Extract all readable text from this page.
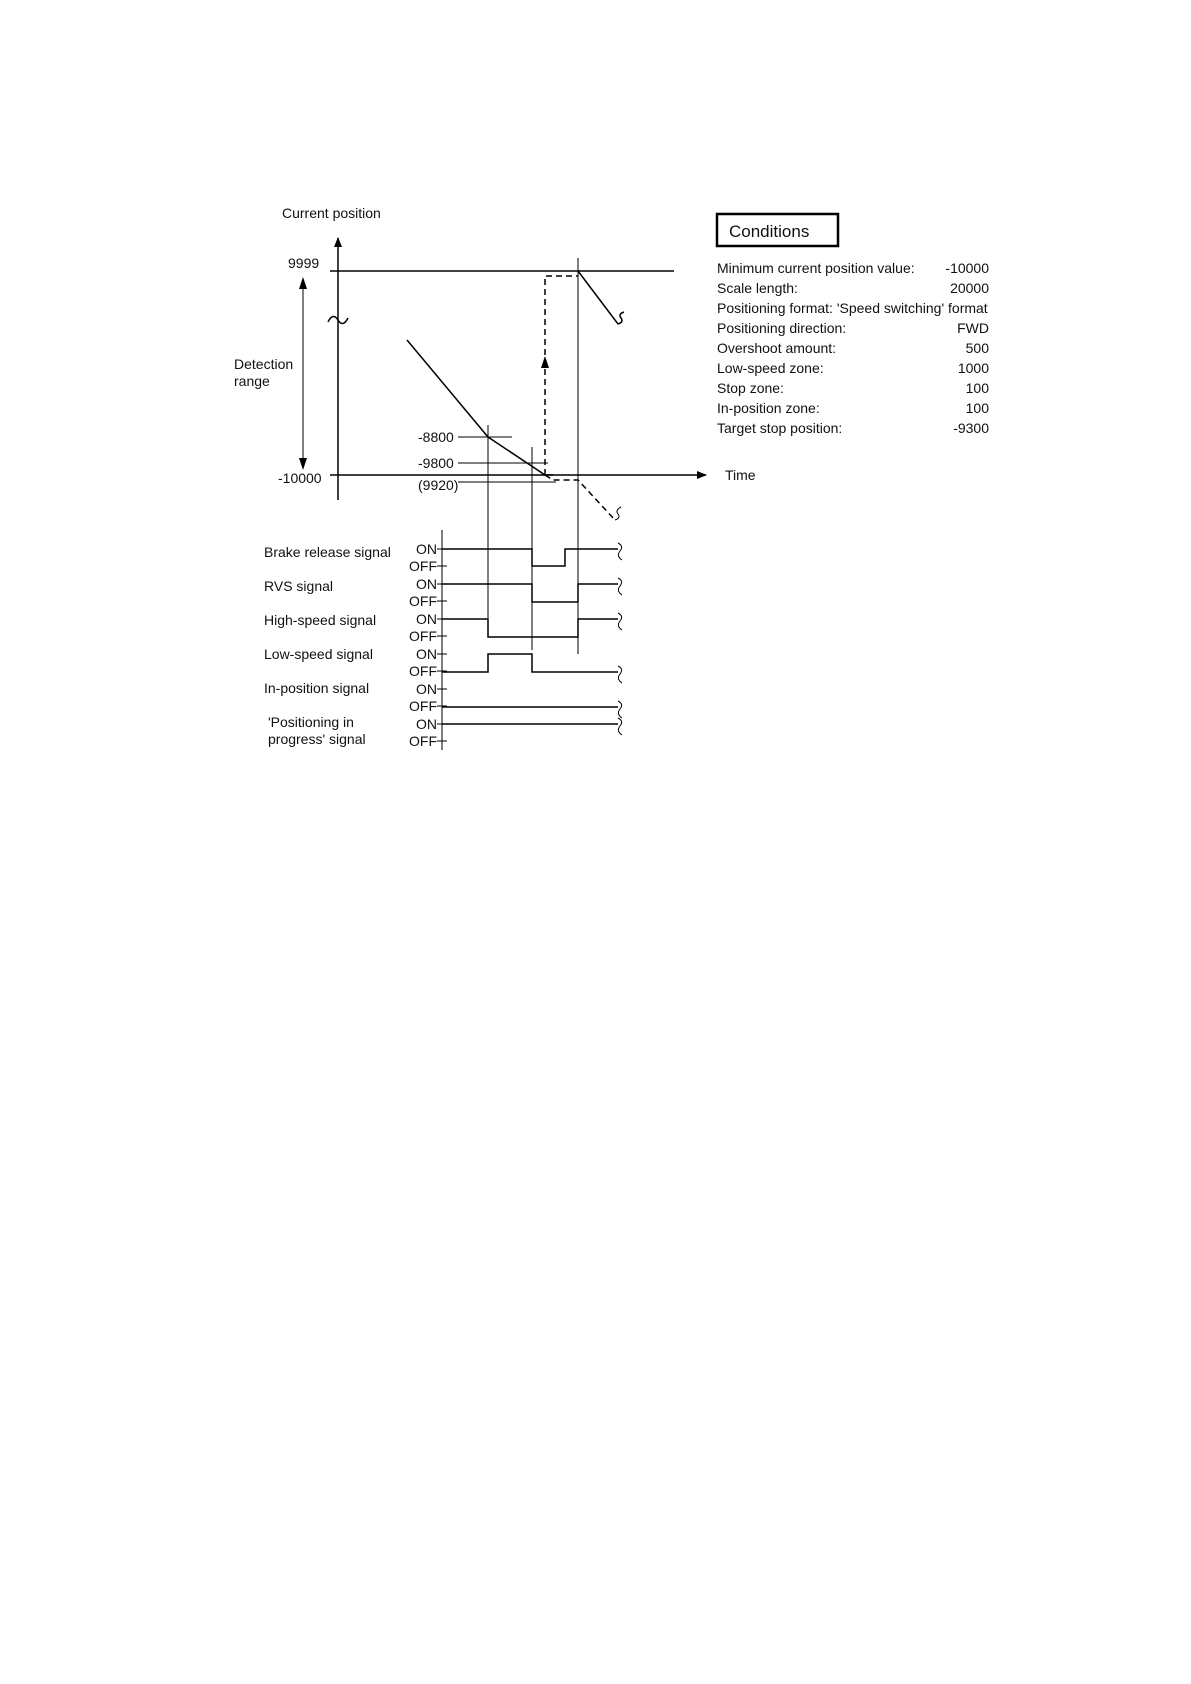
Current position
Time
9999
-10000
Detection
range
-8800
-9800
(9920)
Conditions
Minimum current position value: -10000
Scale length:	20000
Positioning format: 'Speed switching' format
Positioning direction:	FWD
Overshoot amount:	500
Low-speed zone:	1000
Stop zone:	100
In-position zone:	100
Target stop position:	-9300
Brake release signal
RVS signal
High-speed signal
Low-speed signal
In-position signal
'Positioning in
progress' signal
ON
OFF
ON
OFF
ON
OFF
ON
OFF
ON
OFF
ON
OFF
